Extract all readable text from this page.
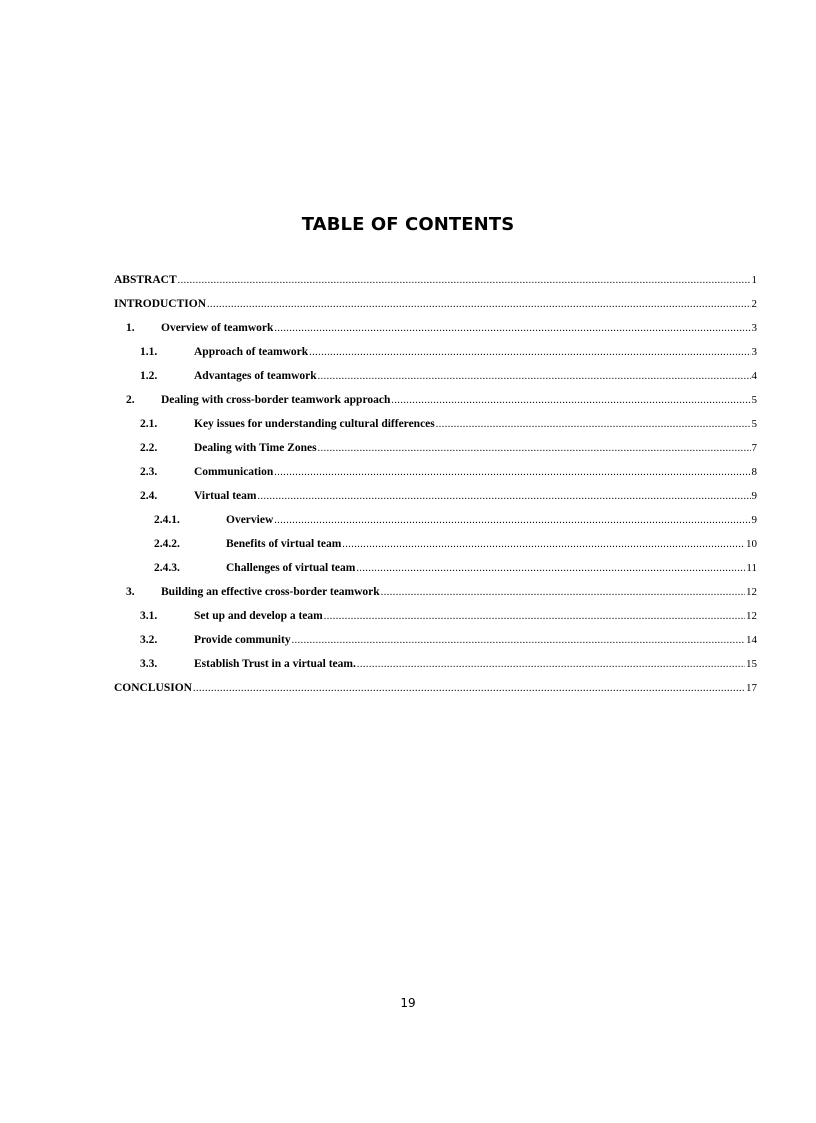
TABLE OF CONTENTS
ABSTRACT .....	1
INTRODUCTION .....	2
1.	Overview of teamwork .....	3
1.1.	Approach of teamwork .....	3
1.2.	Advantages of teamwork .....	4
2.	Dealing with cross-border teamwork approach .....	5
2.1.	Key issues for understanding cultural differences .....	5
2.2.	Dealing with Time Zones .....	7
2.3.	Communication .....	8
2.4.	Virtual team .....	9
2.4.1.	Overview .....	9
2.4.2.	Benefits of virtual team .....	10
2.4.3.	Challenges of virtual team .....	11
3.	Building an effective cross-border teamwork .....	12
3.1.	Set up and develop a team .....	12
3.2.	Provide community .....	14
3.3.	Establish Trust in a virtual team. .....	15
CONCLUSION .....	17

19
